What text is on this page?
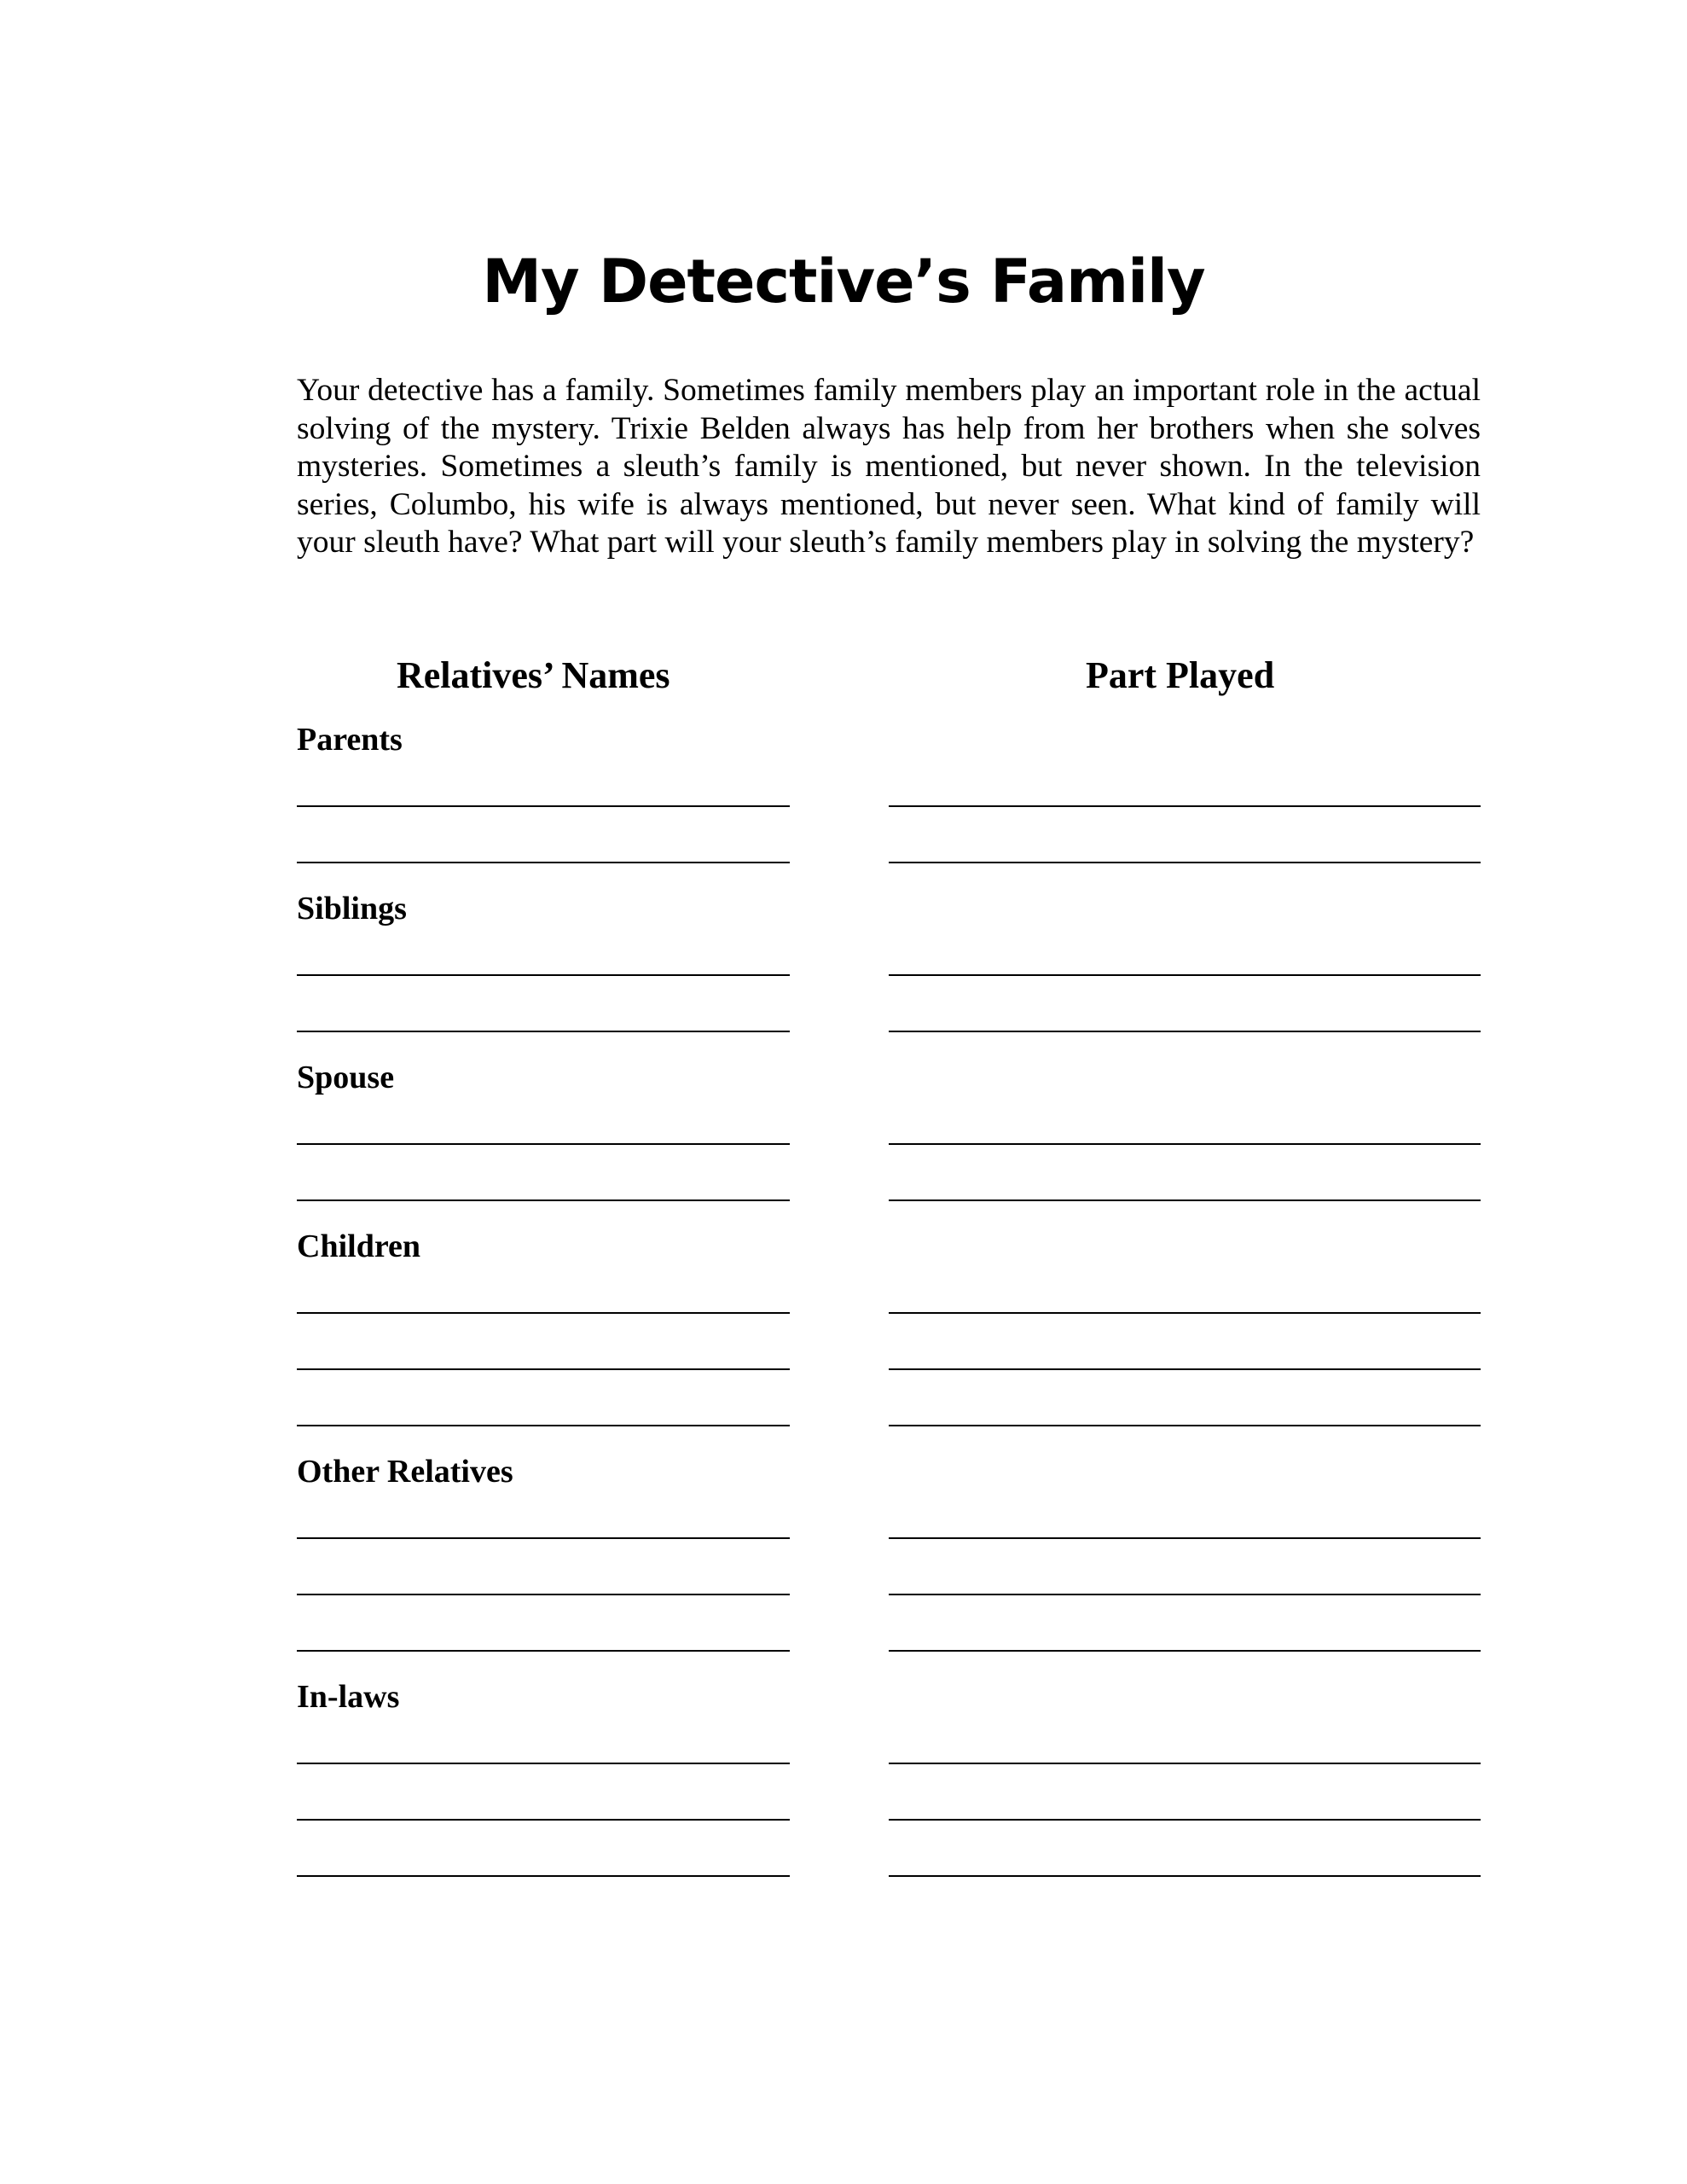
My Detective’s Family

Your detective has a family. Sometimes family members play an important role in the actual solving of the mystery. Trixie Belden always has help from her brothers when she solves mysteries. Sometimes a sleuth’s family is mentioned, but never shown. In the television series, Columbo, his wife is always mentioned, but never seen. What kind of family will your sleuth have? What part will your sleuth’s family members play in solving the mystery?

Relatives’ Names	Part Played
Parents
Siblings
Spouse
Children
Other Relatives
In-laws
